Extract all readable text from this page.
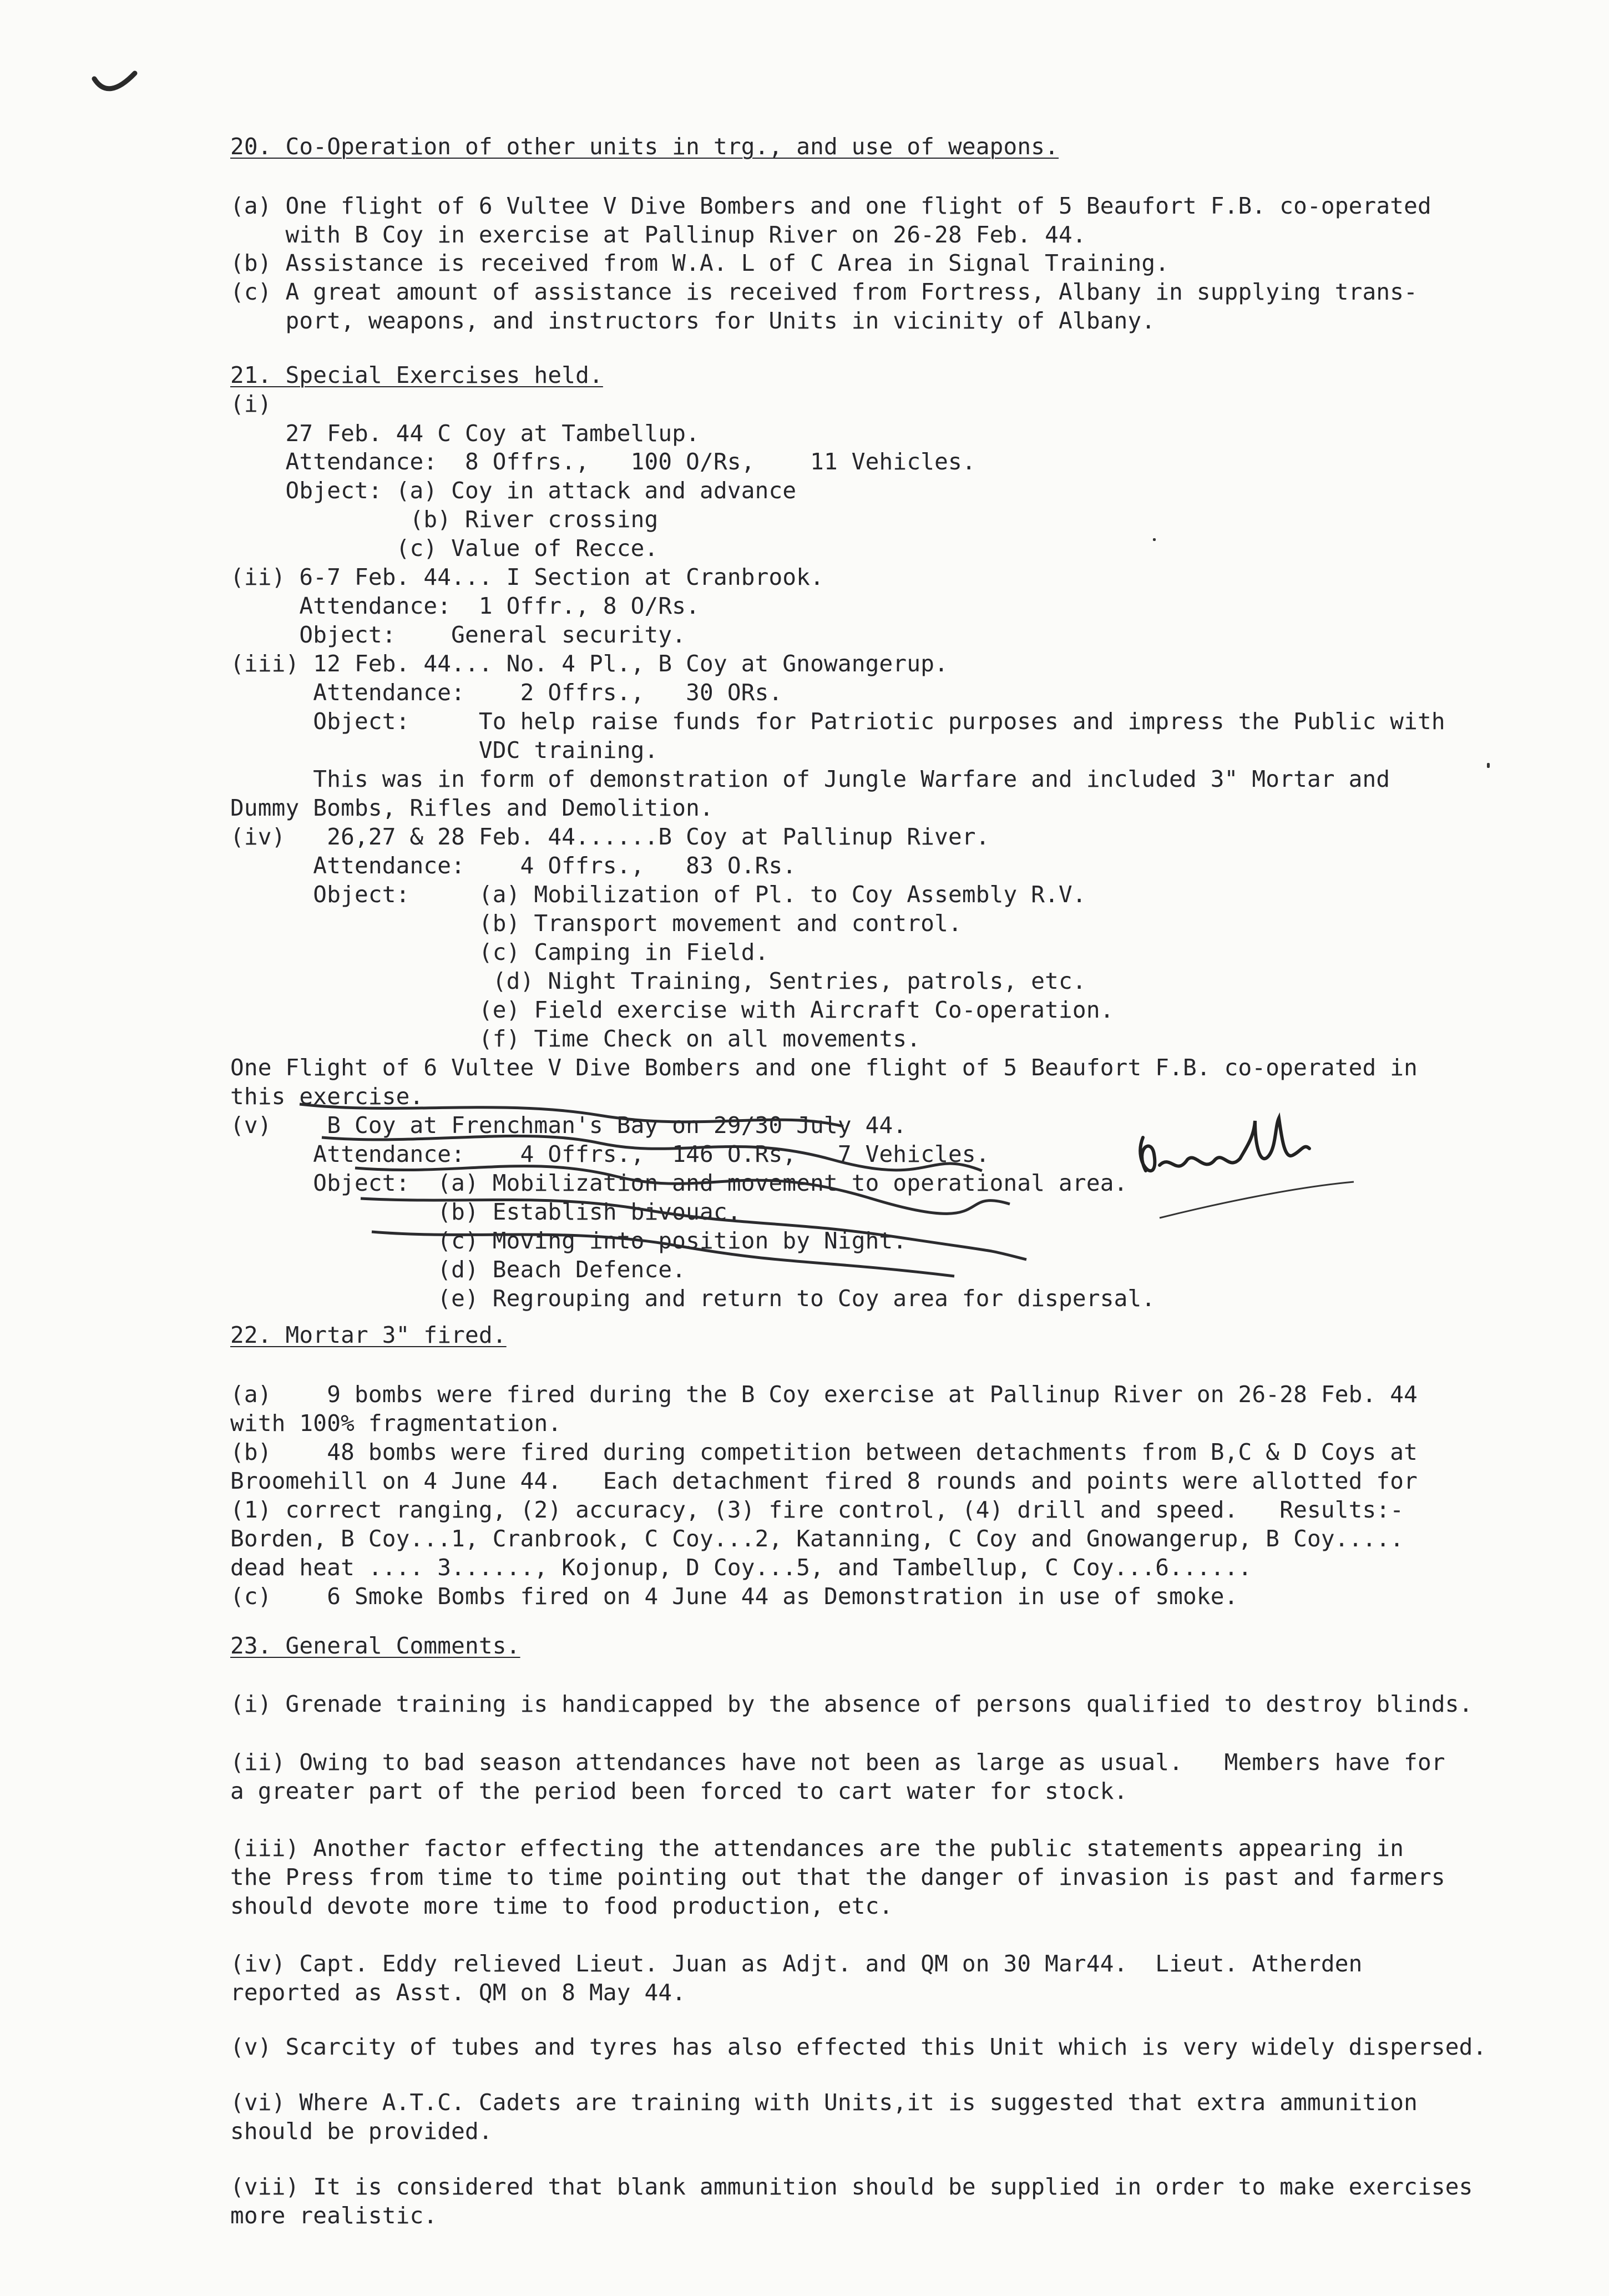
20. Co-Operation of other units in trg., and use of weapons.
(a) One flight of 6 Vultee V Dive Bombers and one flight of 5 Beaufort F.B. co-operated
with B Coy in exercise at Pallinup River on 26-28 Feb. 44.
(b) Assistance is received from W.A. L of C Area in Signal Training.
(c) A great amount of assistance is received from Fortress, Albany in supplying trans-
port, weapons, and instructors for Units in vicinity of Albany.
21. Special Exercises held.
(i)
27 Feb. 44 C Coy at Tambellup.
Attendance:  8 Offrs.,   100 O/Rs,    11 Vehicles.
Object: (a) Coy in attack and advance
(b) River crossing
(c) Value of Recce.
(ii) 6-7 Feb. 44... I Section at Cranbrook.
Attendance:  1 Offr., 8 O/Rs.
Object:    General security.
(iii) 12 Feb. 44... No. 4 Pl., B Coy at Gnowangerup.
Attendance:    2 Offrs.,   30 ORs.
Object:     To help raise funds for Patriotic purposes and impress the Public with
VDC training.
This was in form of demonstration of Jungle Warfare and included 3" Mortar and
Dummy Bombs, Rifles and Demolition.
(iv)   26,27 & 28 Feb. 44......B Coy at Pallinup River.
Attendance:    4 Offrs.,   83 O.Rs.
Object:     (a) Mobilization of Pl. to Coy Assembly R.V.
(b) Transport movement and control.
(c) Camping in Field.
(d) Night Training, Sentries, patrols, etc.
(e) Field exercise with Aircraft Co-operation.
(f) Time Check on all movements.
One Flight of 6 Vultee V Dive Bombers and one flight of 5 Beaufort F.B. co-operated in
this exercise.
(v)    B Coy at Frenchman's Bay on 29/30 July 44.
Attendance:    4 Offrs.,  146 O.Rs,   7 Vehicles.
Object:  (a) Mobilization and movement to operational area.
(b) Establish bivouac.
(c) Moving into position by Night.
(d) Beach Defence.
(e) Regrouping and return to Coy area for dispersal.
22. Mortar 3" fired.
(a)    9 bombs were fired during the B Coy exercise at Pallinup River on 26-28 Feb. 44
with 100% fragmentation.
(b)    48 bombs were fired during competition between detachments from B,C & D Coys at
Broomehill on 4 June 44.   Each detachment fired 8 rounds and points were allotted for
(1) correct ranging, (2) accuracy, (3) fire control, (4) drill and speed.   Results:-
Borden, B Coy...1, Cranbrook, C Coy...2, Katanning, C Coy and Gnowangerup, B Coy.....
dead heat .... 3......, Kojonup, D Coy...5, and Tambellup, C Coy...6......
(c)    6 Smoke Bombs fired on 4 June 44 as Demonstration in use of smoke.
23. General Comments.
(i) Grenade training is handicapped by the absence of persons qualified to destroy blinds.
(ii) Owing to bad season attendances have not been as large as usual.   Members have for
a greater part of the period been forced to cart water for stock.
(iii) Another factor effecting the attendances are the public statements appearing in
the Press from time to time pointing out that the danger of invasion is past and farmers
should devote more time to food production, etc.
(iv) Capt. Eddy relieved Lieut. Juan as Adjt. and QM on 30 Mar44.  Lieut. Atherden
reported as Asst. QM on 8 May 44.
(v) Scarcity of tubes and tyres has also effected this Unit which is very widely dispersed.
(vi) Where A.T.C. Cadets are training with Units,it is suggested that extra ammunition
should be provided.
(vii) It is considered that blank ammunition should be supplied in order to make exercises
more realistic.
